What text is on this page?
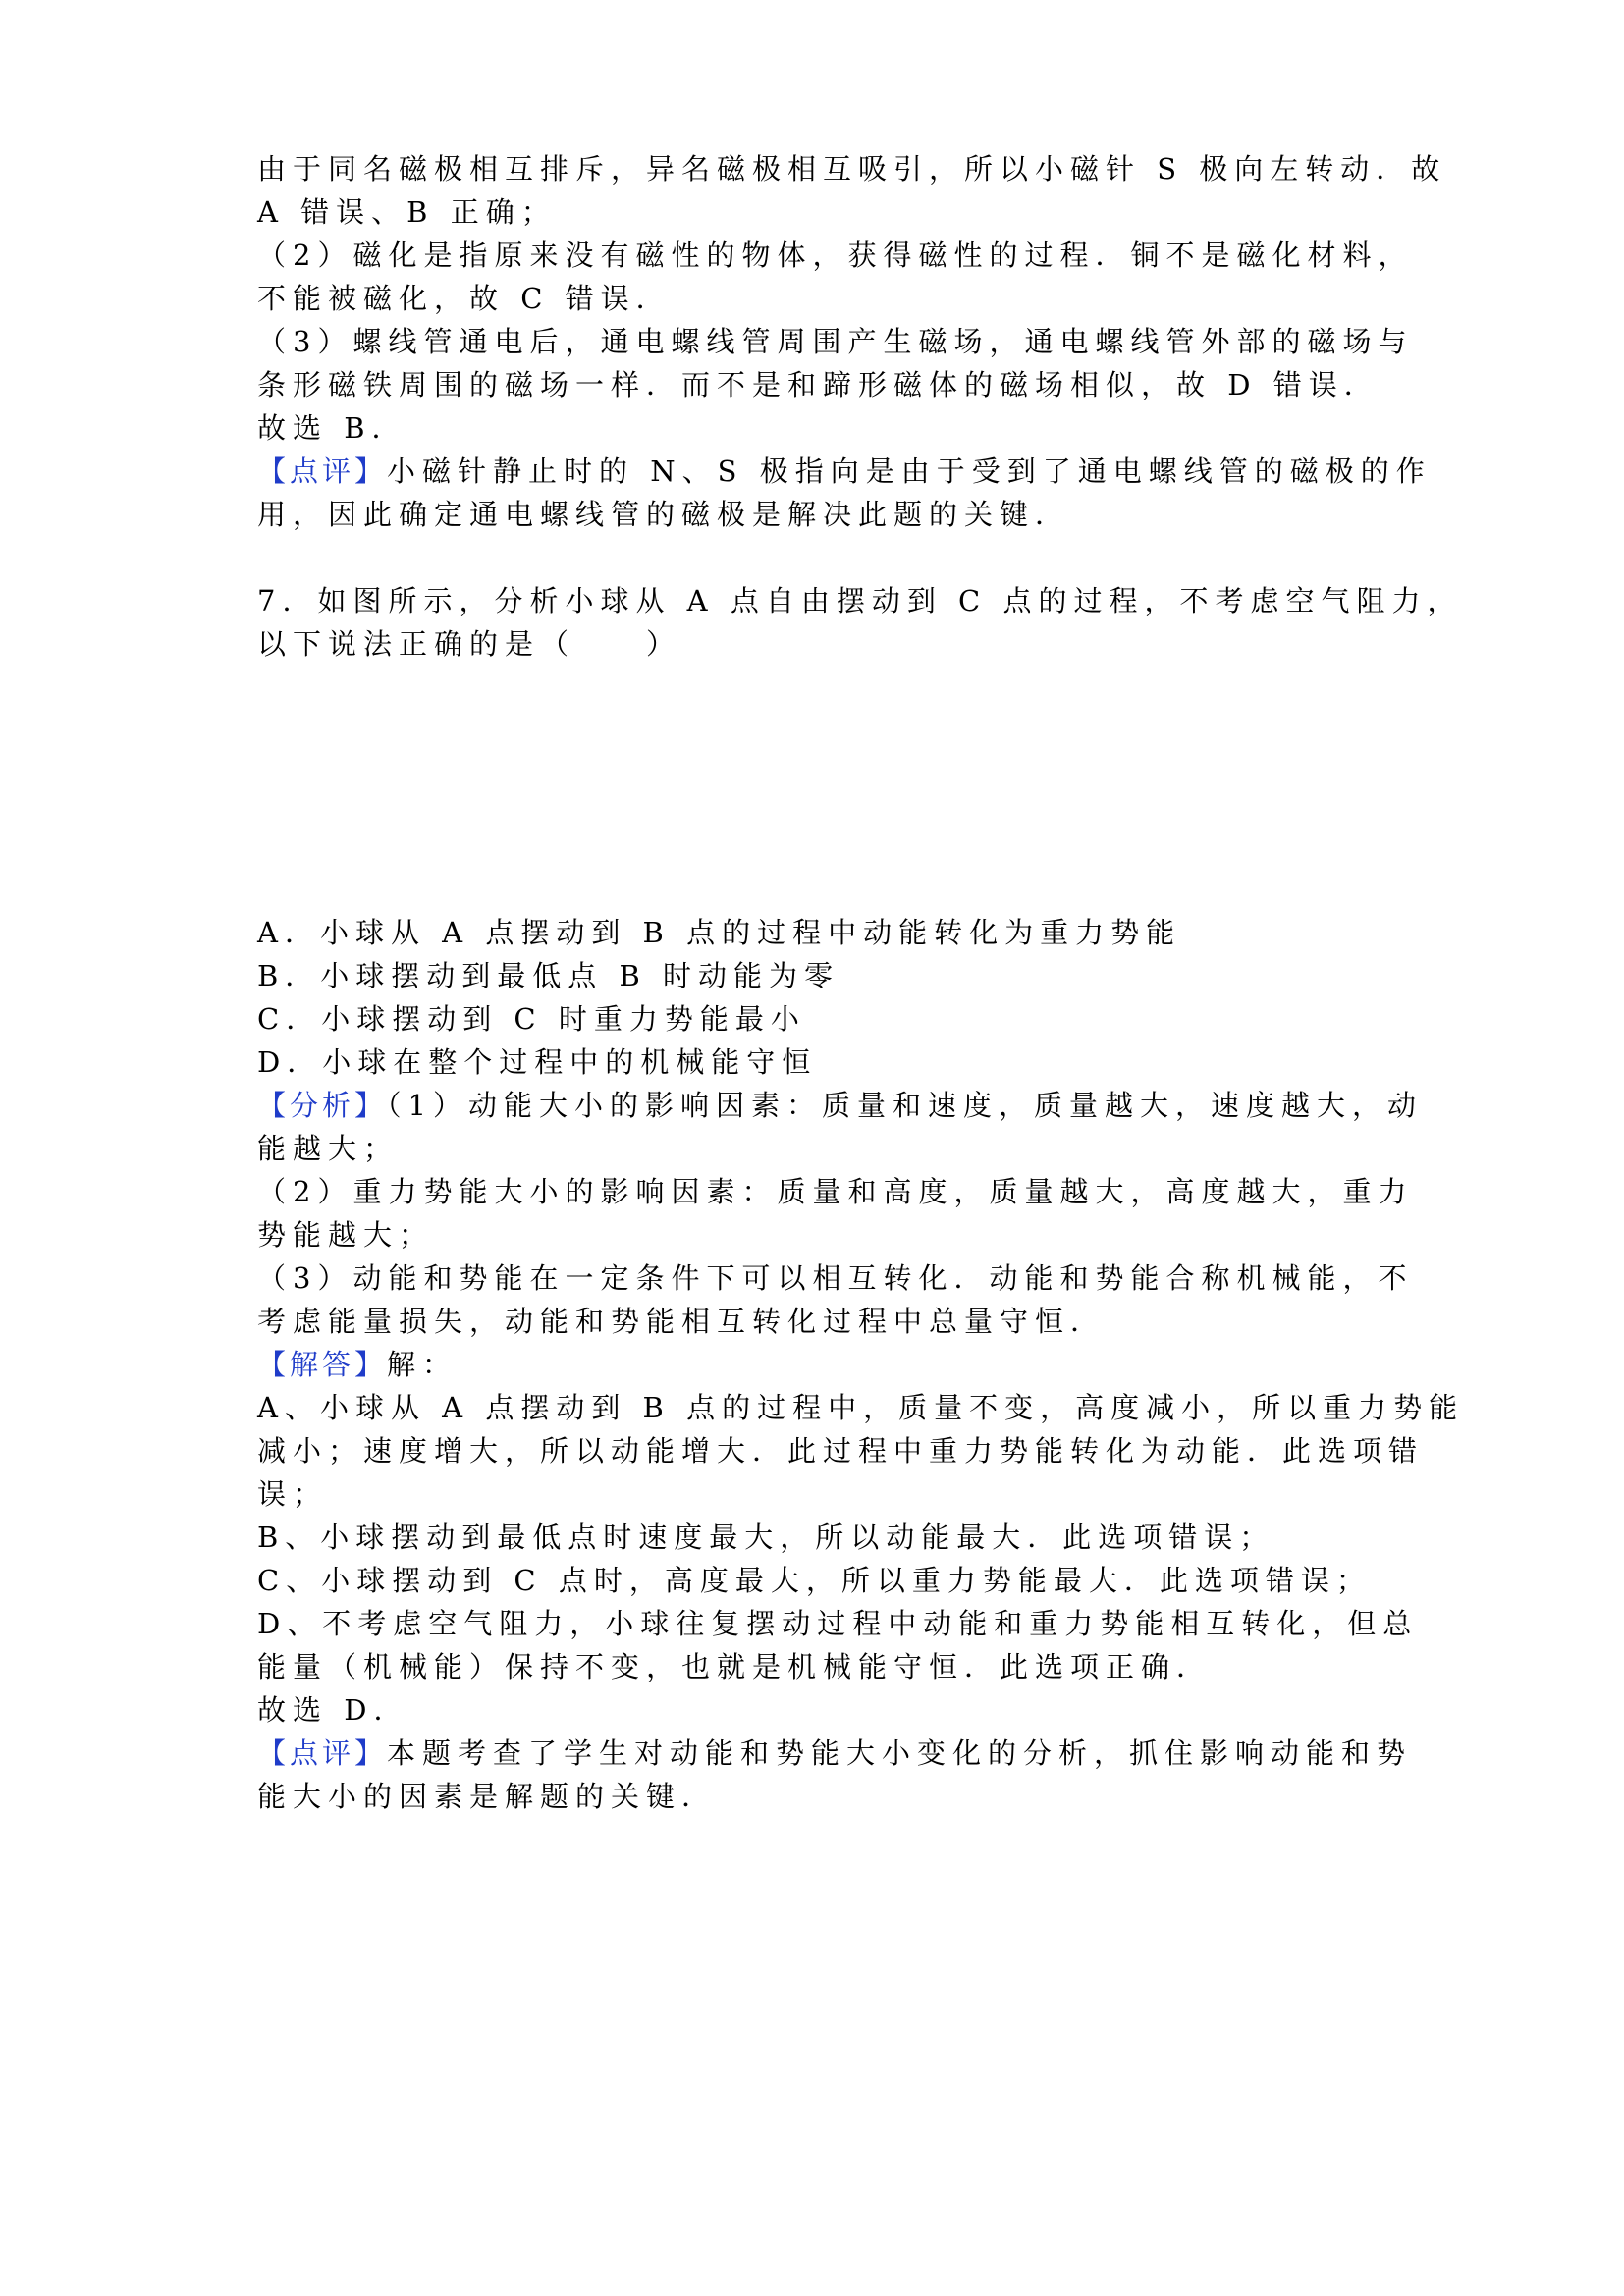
由于同名磁极相互排斥，异名磁极相互吸引，所以小磁针 S 极向左转动．故
A 错误、B 正确；
（2）磁化是指原来没有磁性的物体，获得磁性的过程．铜不是磁化材料，
不能被磁化，故 C 错误．
（3）螺线管通电后，通电螺线管周围产生磁场，通电螺线管外部的磁场与
条形磁铁周围的磁场一样．而不是和蹄形磁体的磁场相似，故 D 错误．
故选 B．
【点评】小磁针静止时的 N、S 极指向是由于受到了通电螺线管的磁极的作
用，因此确定通电螺线管的磁极是解决此题的关键．
7．如图所示，分析小球从 A 点自由摆动到 C 点的过程，不考虑空气阻力，
以下说法正确的是（　　）
A．小球从 A 点摆动到 B 点的过程中动能转化为重力势能
B．小球摆动到最低点 B 时动能为零
C．小球摆动到 C 时重力势能最小
D．小球在整个过程中的机械能守恒
【分析】（1）动能大小的影响因素：质量和速度，质量越大，速度越大，动
能越大；
（2）重力势能大小的影响因素：质量和高度，质量越大，高度越大，重力
势能越大；
（3）动能和势能在一定条件下可以相互转化．动能和势能合称机械能，不
考虑能量损失，动能和势能相互转化过程中总量守恒．
【解答】解：
A、小球从 A 点摆动到 B 点的过程中，质量不变，高度减小，所以重力势能
减小；速度增大，所以动能增大．此过程中重力势能转化为动能．此选项错
误；
B、小球摆动到最低点时速度最大，所以动能最大．此选项错误；
C、小球摆动到 C 点时，高度最大，所以重力势能最大．此选项错误；
D、不考虑空气阻力，小球往复摆动过程中动能和重力势能相互转化，但总
能量（机械能）保持不变，也就是机械能守恒．此选项正确．
故选 D．
【点评】本题考查了学生对动能和势能大小变化的分析，抓住影响动能和势
能大小的因素是解题的关键．
